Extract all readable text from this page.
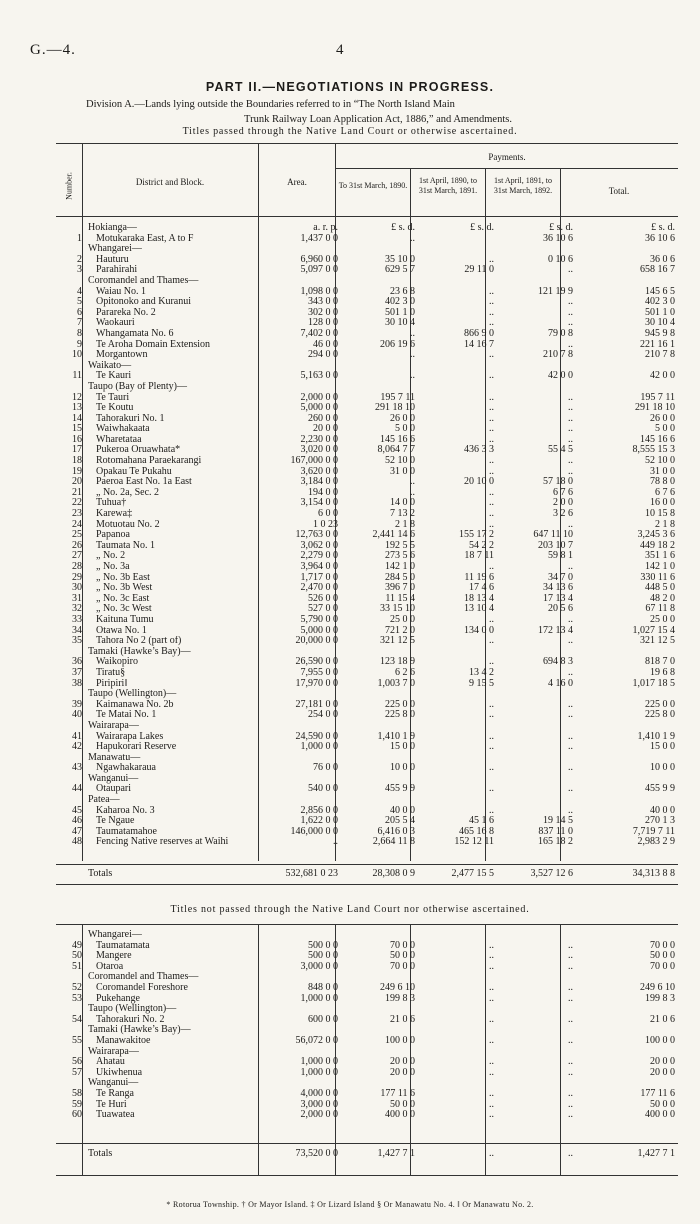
G.—4.	4
PART II.—NEGOTIATIONS IN PROGRESS.
Division A.—Lands lying outside the Boundaries referred to in “The North Island Main
Trunk Railway Loan Application Act, 1886,” and Amendments.
Titles passed through the Native Land Court or otherwise ascertained.
Number.	District and Block.	Area.
Payments.
To 31st March, 1890.
1st April, 1890, to 31st March, 1891.
1st April, 1891, to 31st March, 1892.	Total.
	Hokianga—	a. r. p.	£ s. d.	£ s. d.	£ s. d.	£ s. d.
1	Motukaraka East, A to F	1,437 0 0	..		36 10 6	36 10 6
	Whangarei—					
2	Hauturu	6,960 0 0	35 10 0	..	0 10 6	36 0 6
3	Parahirahi	5,097 0 0	629 5 7	29 11 0	..	658 16 7
	Coromandel and Thames—					
4	Waiau No. 1	1,098 0 0	23 6 8	..	121 19 9	145 6 5
5	Opitonoko and Kuranui	343 0 0	402 3 0	..	..	402 3 0
6	Parareka No. 2	302 0 0	501 1 0	..	..	501 1 0
7	Waokauri	128 0 0	30 10 4	..	..	30 10 4
8	Whangamata No. 6	7,402 0 0	..	866 9 0	79 0 8	945 9 8
9	Te Aroha Domain Extension	46 0 0	206 19 6	14 16 7	..	221 16 1
10	Morgantown	294 0 0	..	..	210 7 8	210 7 8
	Waikato—					
11	Te Kauri	5,163 0 0	..	..	42 0 0	42 0 0
	Taupo (Bay of Plenty)—					
12	Te Tauri	2,000 0 0	195 7 11	..	..	195 7 11
13	Te Koutu	5,000 0 0	291 18 10	..	..	291 18 10
14	Tahorakuri No. 1	260 0 0	26 0 0	..	..	26 0 0
15	Waiwhakaata	20 0 0	5 0 0	..	..	5 0 0
16	Wharetataa	2,230 0 0	145 16 6	..	..	145 16 6
17	Pukeroa Oruawhata*	3,020 0 0	8,064 7 7	436 3 3	55 4 5	8,555 15 3
18	Rotomahana Paraekarangi	167,000 0 0	52 10 0	..	..	52 10 0
19	Opakau Te Pukahu	3,620 0 0	31 0 0	..	..	31 0 0
20	Paeroa East No. 1a East	3,184 0 0	..	20 10 0	57 18 0	78 8 0
21	„ No. 2a, Sec. 2	194 0 0	..	..	6 7 6	6 7 6
22	Tuhua†	3,154 0 0	14 0 0	..	2 0 0	16 0 0
23	Karewa‡	6 0 0	7 13 2	..	3 2 6	10 15 8
24	Motuotau No. 2	1 0 23	2 1 8	..	..	2 1 8
25	Papanoa	12,763 0 0	2,441 14 6	155 17 2	647 11 10	3,245 3 6
26	Taumata No. 1	3,062 0 0	192 5 5	54 2 2	203 10 7	449 18 2
27	„ No. 2	2,279 0 0	273 5 6	18 7 11	59 8 1	351 1 6
28	„ No. 3a	3,964 0 0	142 1 0	..	..	142 1 0
29	„ No. 3b East	1,717 0 0	284 5 0	11 19 6	34 7 0	330 11 6
30	„ No. 3b West	2,470 0 0	396 7 0	17 4 6	34 13 6	448 5 0
31	„ No. 3c East	526 0 0	11 15 4	18 13 4	17 13 4	48 2 0
32	„ No. 3c West	527 0 0	33 15 10	13 10 4	20 5 6	67 11 8
33	Kaituna Tumu	5,790 0 0	25 0 0	..	..	25 0 0
34	Otawa No. 1	5,000 0 0	721 2 0	134 0 0	172 13 4	1,027 15 4
35	Tahora No 2 (part of)	20,000 0 0	321 12 5	..	..	321 12 5
	Tamaki (Hawke’s Bay)—					
36	Waikopiro	26,590 0 0	123 18 9	..	694 8 3	818 7 0
37	Tiratu§	7,955 0 0	6 2 6	13 4 2	..	19 6 8
38	Piripiri‖	17,970 0 0	1,003 7 0	9 15 5	4 16 0	1,017 18 5
	Taupo (Wellington)—					
39	Kaimanawa No. 2b	27,181 0 0	225 0 0	..	..	225 0 0
40	Te Matai No. 1	254 0 0	225 8 0	..	..	225 8 0
	Wairarapa—					
41	Wairarapa Lakes	24,590 0 0	1,410 1 9	..	..	1,410 1 9
42	Hapukorari Reserve	1,000 0 0	15 0 0	..	..	15 0 0
	Manawatu—					
43	Ngawhakaraua	76 0 0	10 0 0	..	..	10 0 0
	Wanganui—					
44	Otaupari	540 0 0	455 9 9	..	..	455 9 9
	Patea—					
45	Kaharoa No. 3	2,856 0 0	40 0 0	..	..	40 0 0
46	Te Ngaue	1,622 0 0	205 5 4	45 1 6	19 14 5	270 1 3
47	Taumatamahoe	146,000 0 0	6,416 0 3	465 16 8	837 11 0	7,719 7 11
48	Fencing Native reserves at Waihi	..	2,664 11 8	152 12 11	165 18 2	2,983 2 9
	Totals	532,681 0 23	28,308 0 9	2,477 15 5	3,527 12 6	34,313 8 8
Titles not passed through the Native Land Court nor otherwise ascertained.
	Whangarei—					
49	Taumatamata	500 0 0	70 0 0	..	..	70 0 0
50	Mangere	500 0 0	50 0 0	..	..	50 0 0
51	Otaroa	3,000 0 0	70 0 0	..	..	70 0 0
	Coromandel and Thames—					
52	Coromandel Foreshore	848 0 0	249 6 10	..	..	249 6 10
53	Pukehange	1,000 0 0	199 8 3	..	..	199 8 3
	Taupo (Wellington)—					
54	Tahorakuri No. 2	600 0 0	21 0 6	..	..	21 0 6
	Tamaki (Hawke’s Bay)—					
55	Manawakitoe	56,072 0 0	100 0 0	..	..	100 0 0
	Wairarapa—					
56	Ahatau	1,000 0 0	20 0 0	..	..	20 0 0
57	Ukiwhenua	1,000 0 0	20 0 0	..	..	20 0 0
	Wanganui—					
58	Te Ranga	4,000 0 0	177 11 6	..	..	177 11 6
59	Te Huri	3,000 0 0	50 0 0	..	..	50 0 0
60	Tuawatea	2,000 0 0	400 0 0	..	..	400 0 0
	Totals	73,520 0 0	1,427 7 1	..	..	1,427 7 1
* Rotorua Township. † Or Mayor Island. ‡ Or Lizard Island § Or Manawatu No. 4. ‖ Or Manawatu No. 2.
